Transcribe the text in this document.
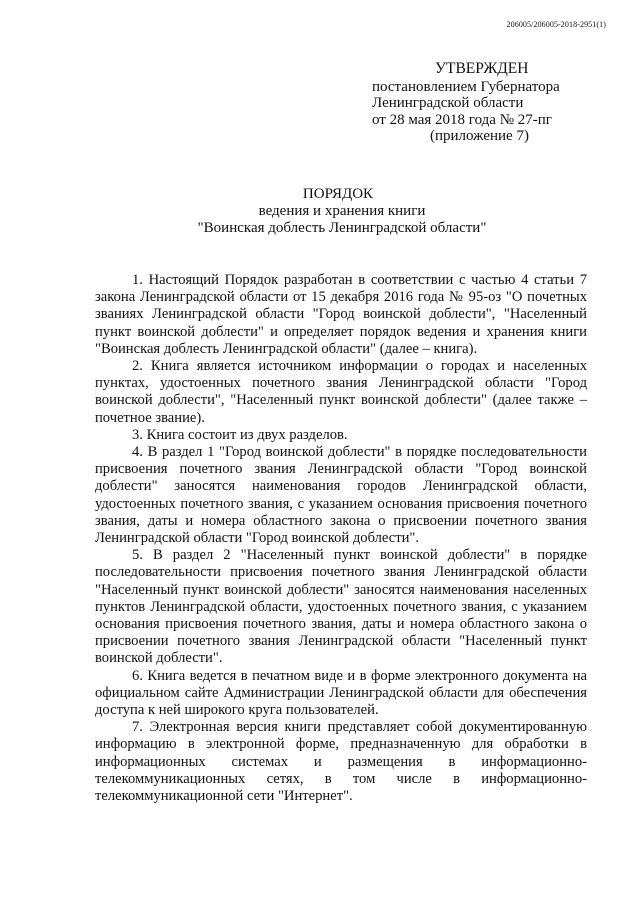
206005/206005-2018-2951(1)
УТВЕРЖДЕН
постановлением Губернатора
Ленинградской области
от 28 мая 2018 года № 27-пг
(приложение 7)
ПОРЯДОК
ведения и хранения книги
"Воинская доблесть Ленинградской области"

1. Настоящий Порядок разработан в соответствии с частью 4 статьи 7 закона Ленинградской области от 15 декабря 2016 года № 95-оз "О почетных званиях Ленинградской области "Город воинской доблести", "Населенный пункт воинской доблести" и определяет порядок ведения и хранения книги "Воинская доблесть Ленинградской области" (далее – книга).

2. Книга является источником информации о городах и населенных пунктах, удостоенных почетного звания Ленинградской области "Город воинской доблести", "Населенный пункт воинской доблести" (далее также – почетное звание).

3. Книга состоит из двух разделов.

4. В раздел 1 "Город воинской доблести" в порядке последовательности присвоения почетного звания Ленинградской области "Город воинской доблести" заносятся наименования городов Ленинградской области, удостоенных почетного звания, с указанием основания присвоения почетного звания, даты и номера областного закона о присвоении почетного звания Ленинградской области "Город воинской доблести".

5. В раздел 2 "Населенный пункт воинской доблести" в порядке последовательности присвоения почетного звания Ленинградской области "Населенный пункт воинской доблести" заносятся наименования населенных пунктов Ленинградской области, удостоенных почетного звания, с указанием основания присвоения почетного звания, даты и номера областного закона о присвоении почетного звания Ленинградской области "Населенный пункт воинской доблести".

6. Книга ведется в печатном виде и в форме электронного документа на официальном сайте Администрации Ленинградской области для обеспечения доступа к ней широкого круга пользователей.

7. Электронная версия книги представляет собой документированную информацию в электронной форме, предназначенную для обработки в информационных системах и размещения в информационно-телекоммуникационных сетях, в том числе в информационно-телекоммуникационной сети "Интернет".
